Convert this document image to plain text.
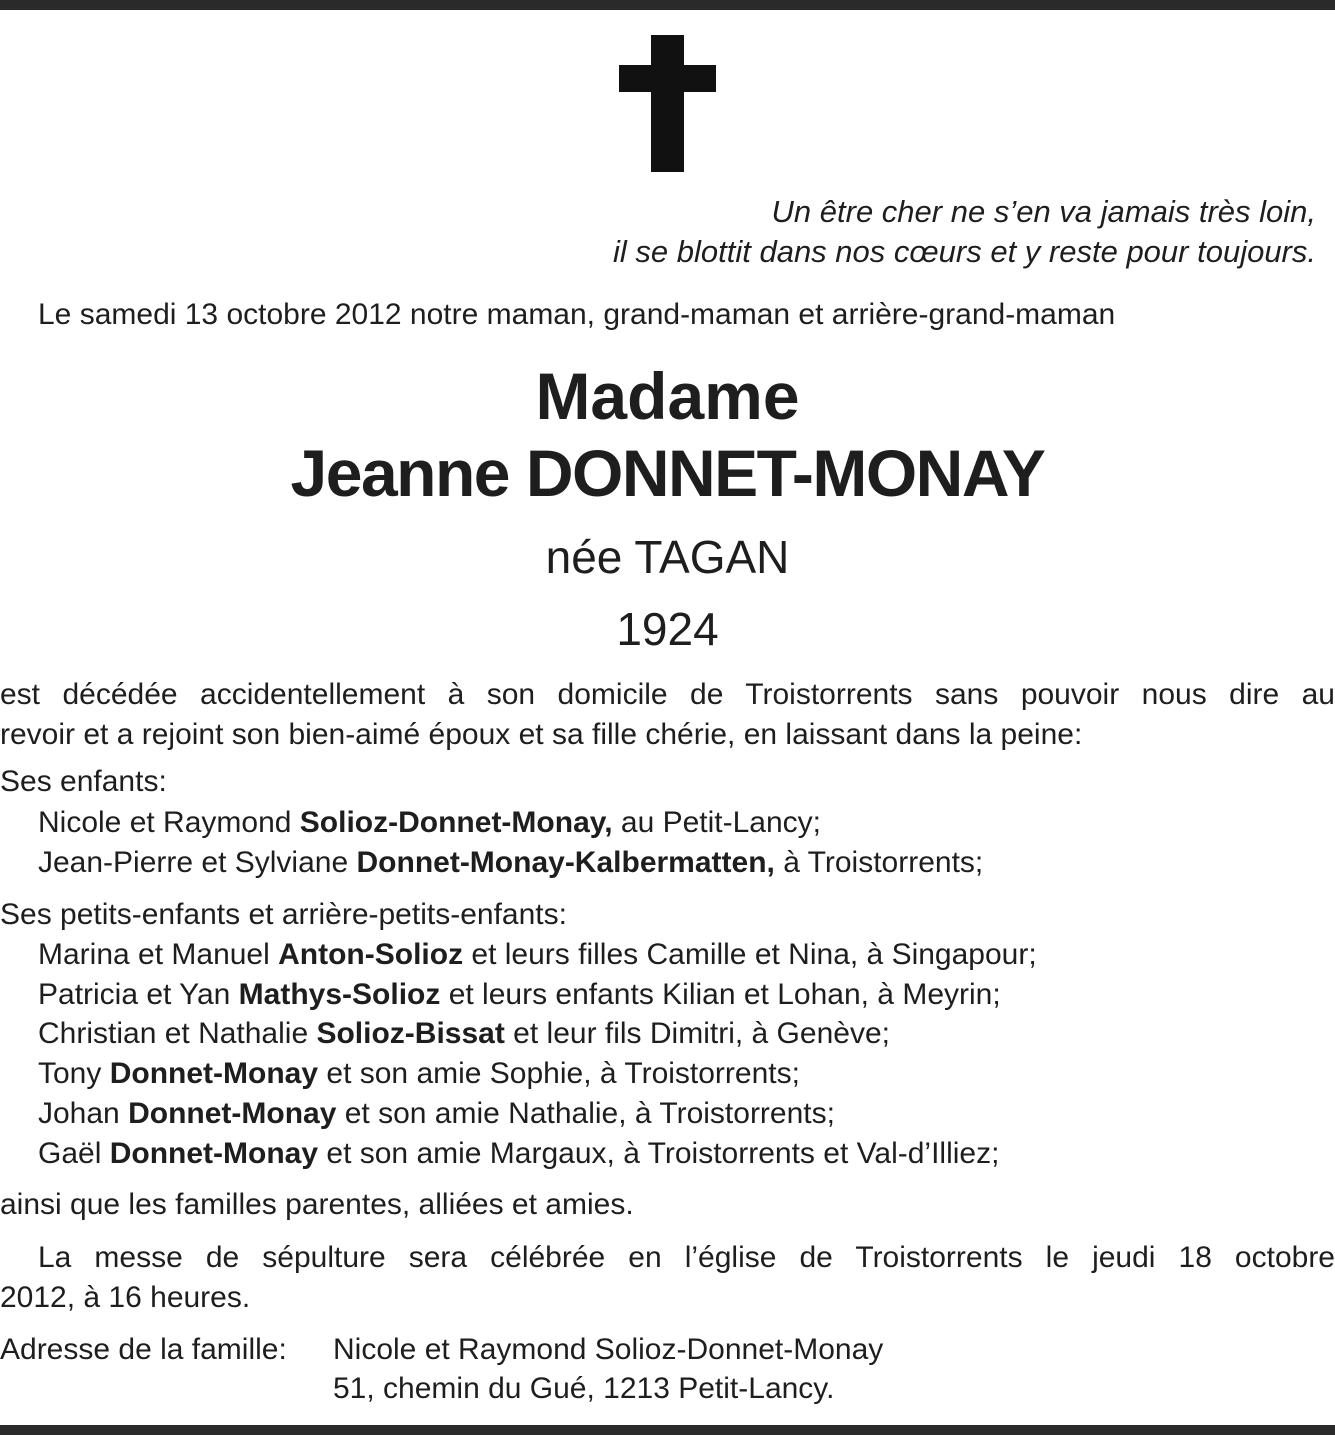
Un être cher ne s’en va jamais très loin,
il se blottit dans nos cœurs et y reste pour toujours.
Le samedi 13 octobre 2012 notre maman, grand-maman et arrière-grand-maman
Madame
Jeanne DONNET-MONAY
née TAGAN
1924
est décédée accidentellement à son domicile de Troistorrents sans pouvoir nous dire au
revoir et a rejoint son bien-aimé époux et sa fille chérie, en laissant dans la peine:
Ses enfants:
Nicole et Raymond Solioz-Donnet-Monay, au Petit-Lancy;
Jean-Pierre et Sylviane Donnet-Monay-Kalbermatten, à Troistorrents;
Ses petits-enfants et arrière-petits-enfants:
Marina et Manuel Anton-Solioz et leurs filles Camille et Nina, à Singapour;
Patricia et Yan Mathys-Solioz et leurs enfants Kilian et Lohan, à Meyrin;
Christian et Nathalie Solioz-Bissat et leur fils Dimitri, à Genève;
Tony Donnet-Monay et son amie Sophie, à Troistorrents;
Johan Donnet-Monay et son amie Nathalie, à Troistorrents;
Gaël Donnet-Monay et son amie Margaux, à Troistorrents et Val-d’Illiez;
ainsi que les familles parentes, alliées et amies.
La messe de sépulture sera célébrée en l’église de Troistorrents le jeudi 18 octobre
2012, à 16 heures.
Adresse de la famille: Nicole et Raymond Solioz-Donnet-Monay
51, chemin du Gué, 1213 Petit-Lancy.
